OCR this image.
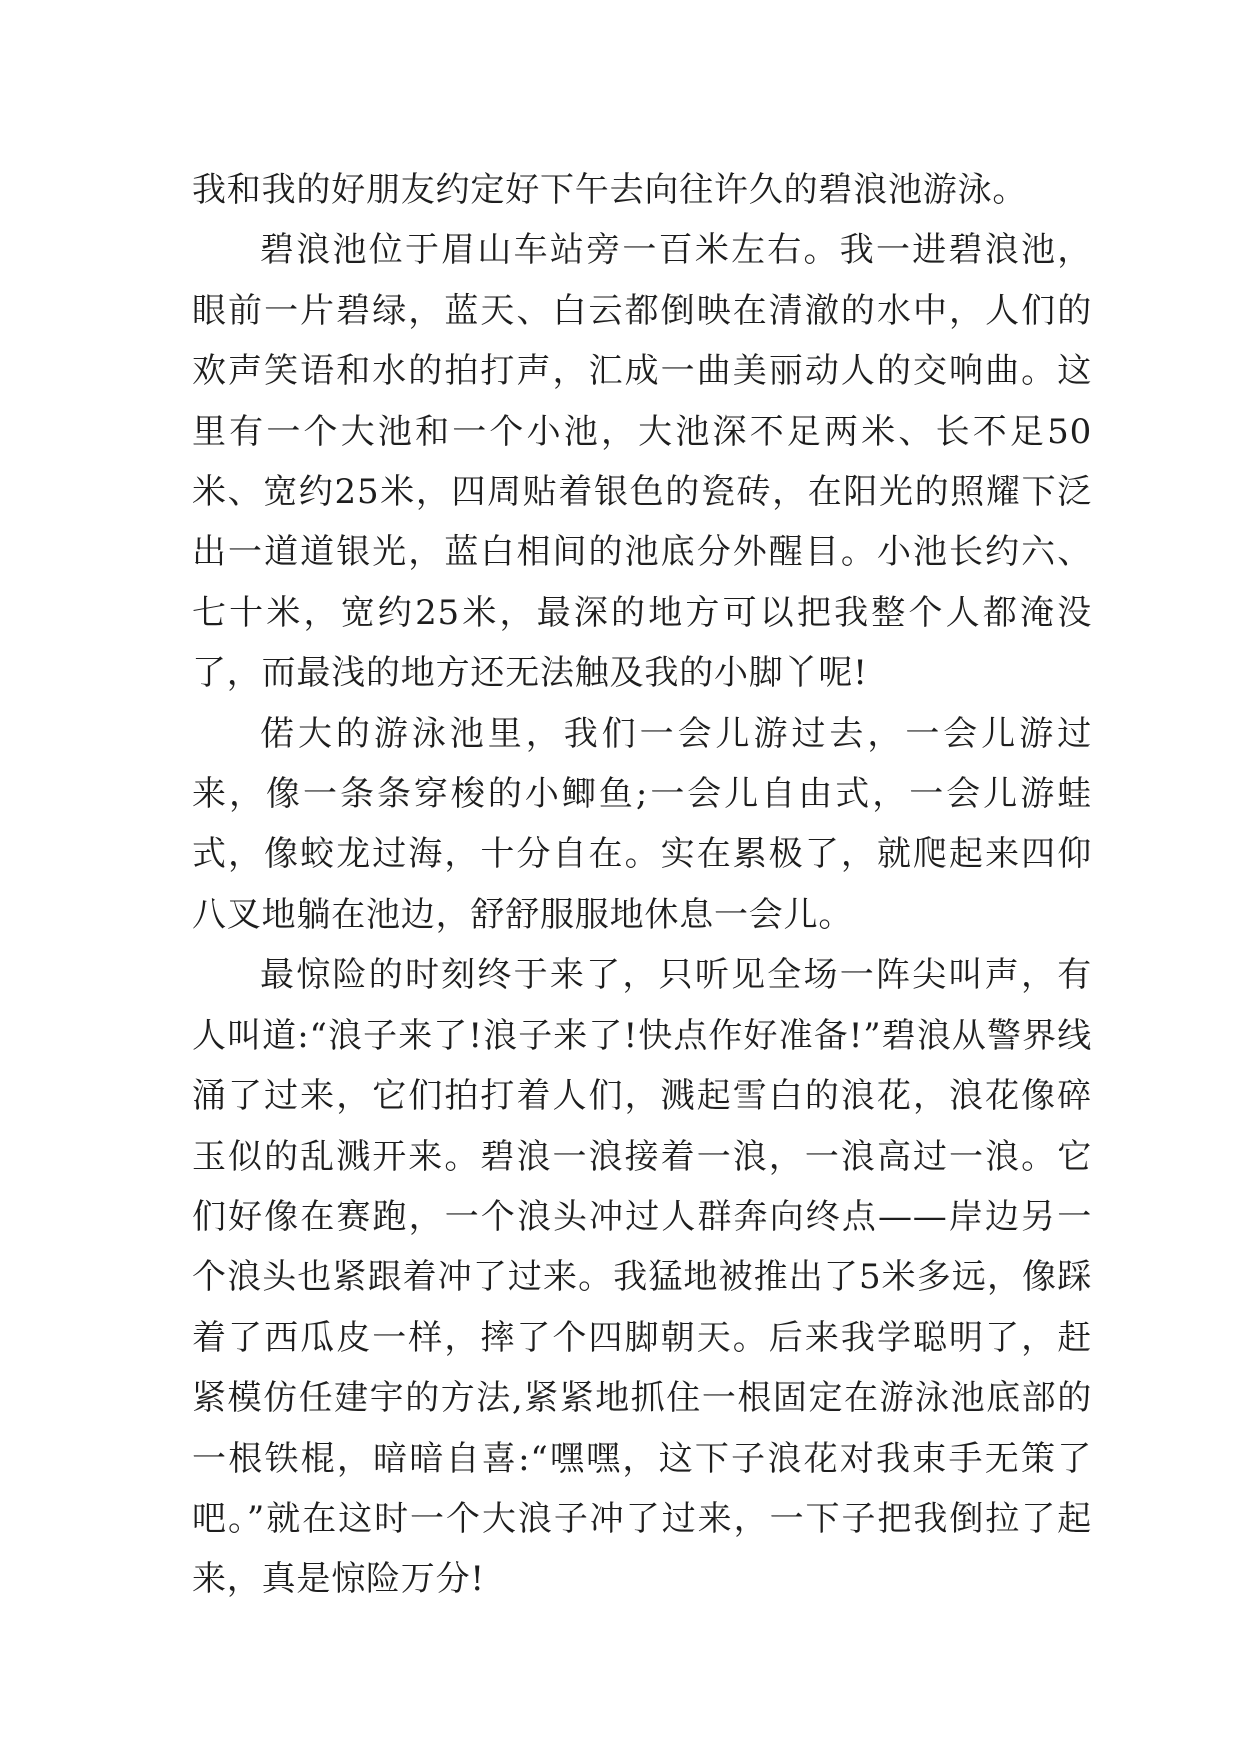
我和我的好朋友约定好下午去向往许久的碧浪池游泳。

碧浪池位于眉山车站旁一百米左右。我一进碧浪池，眼前一片碧绿，蓝天、白云都倒映在清澈的水中，人们的欢声笑语和水的拍打声，汇成一曲美丽动人的交响曲。这里有一个大池和一个小池，大池深不足两米、长不足50米、宽约25米，四周贴着银色的瓷砖，在阳光的照耀下泛出一道道银光，蓝白相间的池底分外醒目。小池长约六、七十米，宽约25米，最深的地方可以把我整个人都淹没了，而最浅的地方还无法触及我的小脚丫呢!

偌大的游泳池里，我们一会儿游过去，一会儿游过来，像一条条穿梭的小鲫鱼;一会儿自由式，一会儿游蛙式，像蛟龙过海，十分自在。实在累极了，就爬起来四仰八叉地躺在池边，舒舒服服地休息一会儿。

最惊险的时刻终于来了，只听见全场一阵尖叫声，有人叫道:“浪子来了!浪子来了!快点作好准备!”碧浪从警界线涌了过来，它们拍打着人们，溅起雪白的浪花，浪花像碎玉似的乱溅开来。碧浪一浪接着一浪，一浪高过一浪。它们好像在赛跑，一个浪头冲过人群奔向终点——岸边另一个浪头也紧跟着冲了过来。我猛地被推出了5米多远，像踩着了西瓜皮一样，摔了个四脚朝天。后来我学聪明了，赶紧模仿任建宇的方法,紧紧地抓住一根固定在游泳池底部的一根铁棍，暗暗自喜:“嘿嘿，这下子浪花对我束手无策了吧。”就在这时一个大浪子冲了过来，一下子把我倒拉了起来，真是惊险万分!
